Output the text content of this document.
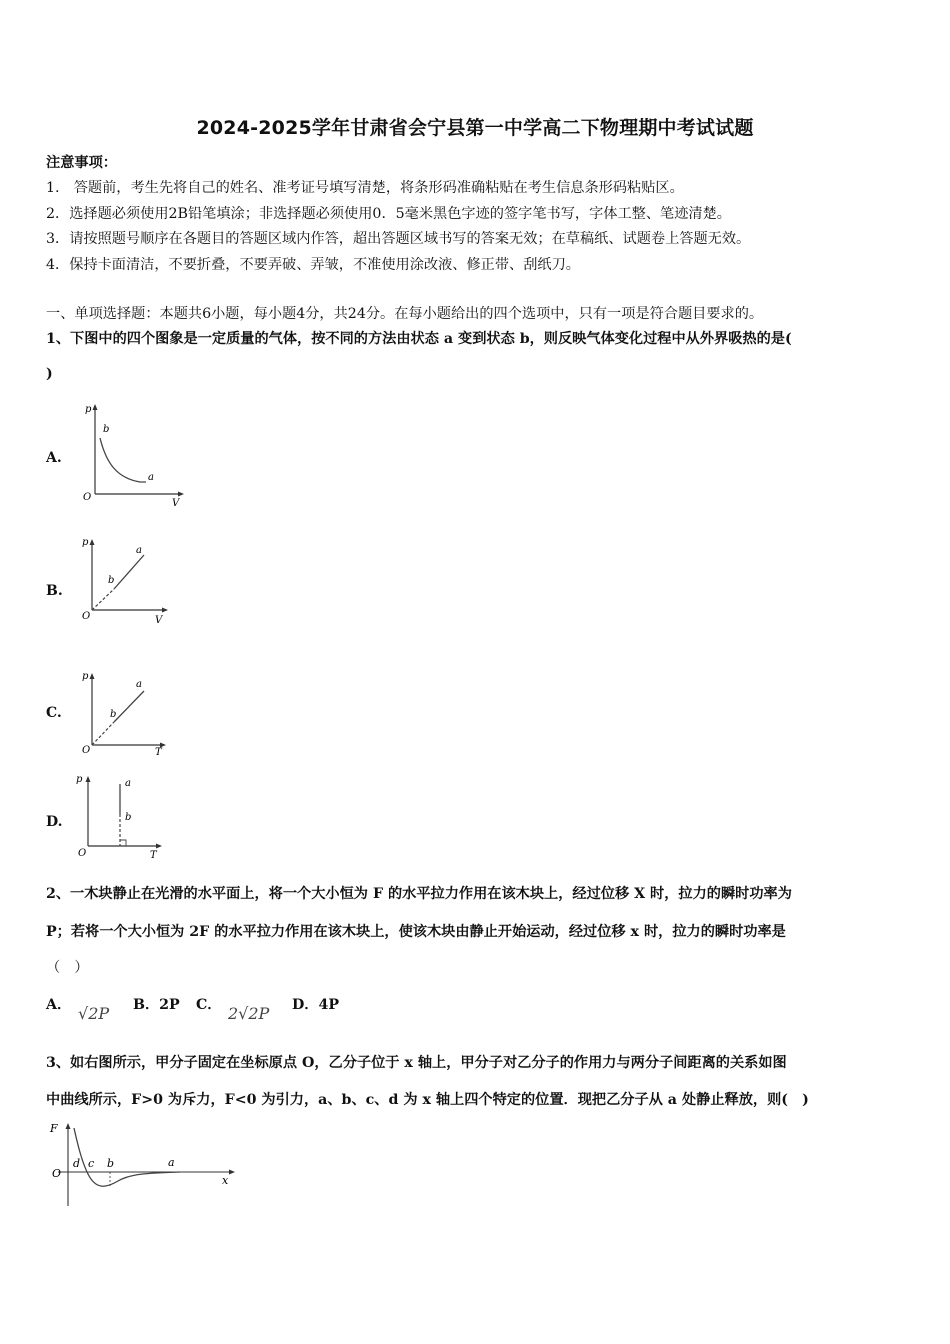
2024-2025学年甘肃省会宁县第一中学高二下物理期中考试试题
注意事项：
1.　答题前，考生先将自己的姓名、准考证号填写清楚，将条形码准确粘贴在考生信息条形码粘贴区。
2．选择题必须使用2B铅笔填涂；非选择题必须使用0．5毫米黑色字迹的签字笔书写，字体工整、笔迹清楚。
3．请按照题号顺序在各题目的答题区域内作答，超出答题区域书写的答案无效；在草稿纸、试题卷上答题无效。
4．保持卡面清洁，不要折叠，不要弄破、弄皱，不准使用涂改液、修正带、刮纸刀。
一、单项选择题：本题共6小题，每小题4分，共24分。在每小题给出的四个选项中，只有一项是符合题目要求的。
1、下图中的四个图象是一定质量的气体，按不同的方法由状态 a 变到状态 b，则反映气体变化过程中从外界吸热的是(
)
A.
p
V
O
b
a
B.
p
V
O
a
b
C.
p
T
O
a
b
D.
p
T
O
a
b
2、一木块静止在光滑的水平面上，将一个大小恒为 F 的水平拉力作用在该木块上，经过位移 X 时，拉力的瞬时功率为
P；若将一个大小恒为 2F 的水平拉力作用在该木块上，使该木块由静止开始运动，经过位移 x 时，拉力的瞬时功率是
（　）
A． √2P B．2P C． 2√2P D．4P
3、如右图所示，甲分子固定在坐标原点 O，乙分子位于 x 轴上，甲分子对乙分子的作用力与两分子间距离的关系如图
中曲线所示，F>0 为斥力，F<0 为引力，a、b、c、d 为 x 轴上四个特定的位置．现把乙分子从 a 处静止释放，则(　)
F
x
O
d c b	a
